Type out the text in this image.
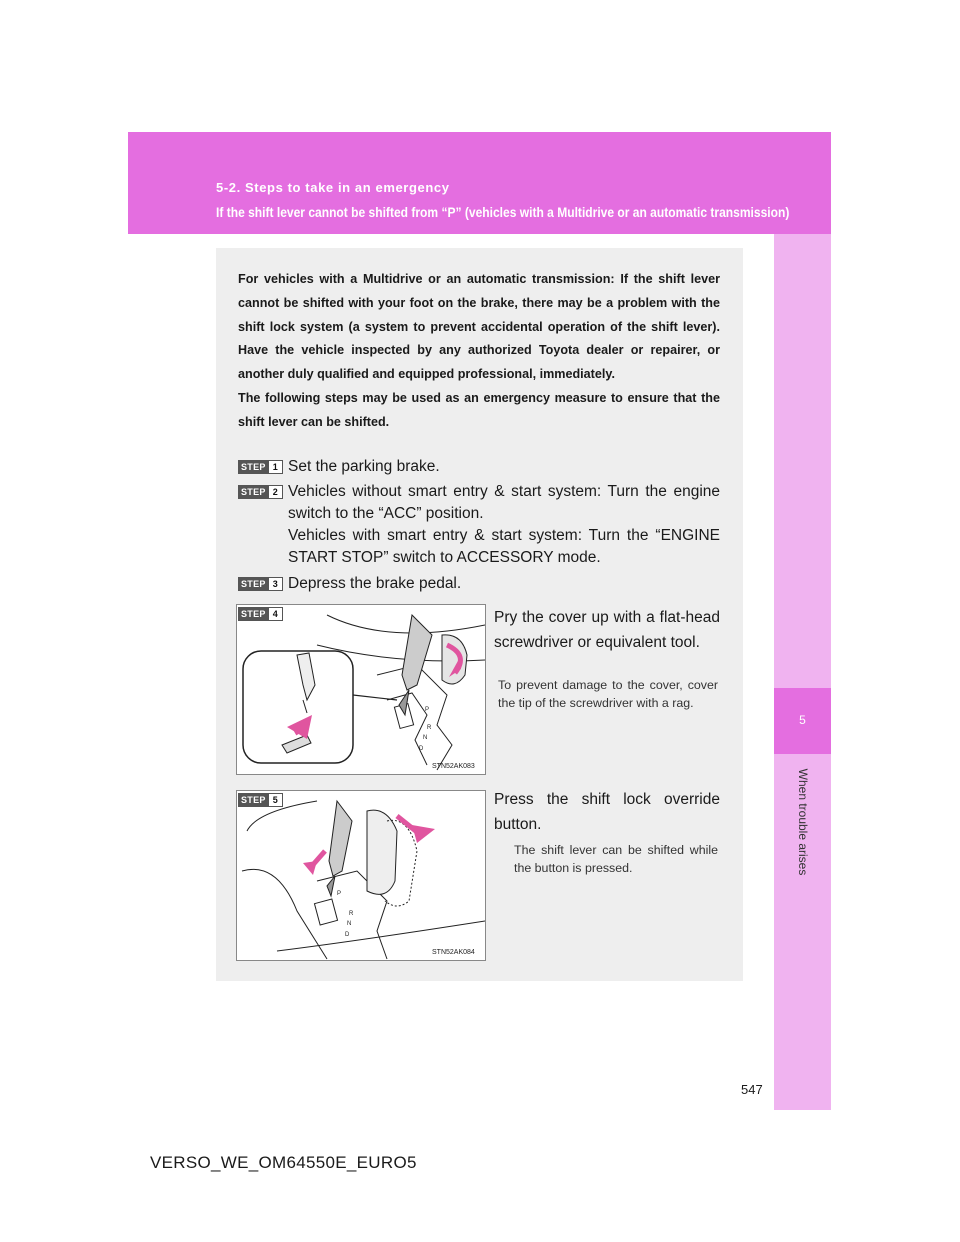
5-2. Steps to take in an emergency
If the shift lever cannot be shifted from “P” (vehicles with a Multidrive or an automatic transmission)
5
When trouble arises
For vehicles with a Multidrive or an automatic transmission: If the shift lever cannot be shifted with your foot on the brake, there may be a problem with the shift lock system (a system to prevent accidental operation of the shift lever). Have the vehicle inspected by any authorized Toyota dealer or repairer, or another duly qualified and equipped professional, immediately.
The following steps may be used as an emergency measure to ensure that the shift lever can be shifted.
STEP 1 Set the parking brake.
STEP 2 Vehicles without smart entry & start system: Turn the engine switch to the “ACC” position.
Vehicles with smart entry & start system: Turn the “ENGINE START STOP” switch to ACCESSORY mode.
STEP 3 Depress the brake pedal.
P
R
N
D
STEP 4
STN52AK083
Pry the cover up with a flat-head screwdriver or equivalent tool.
To prevent damage to the cover, cover the tip of the screwdriver with a rag.
P
R
N
D
STEP 5
STN52AK084
Press the shift lock override button.
The shift lever can be shifted while the button is pressed.
547
VERSO_WE_OM64550E_EURO5
